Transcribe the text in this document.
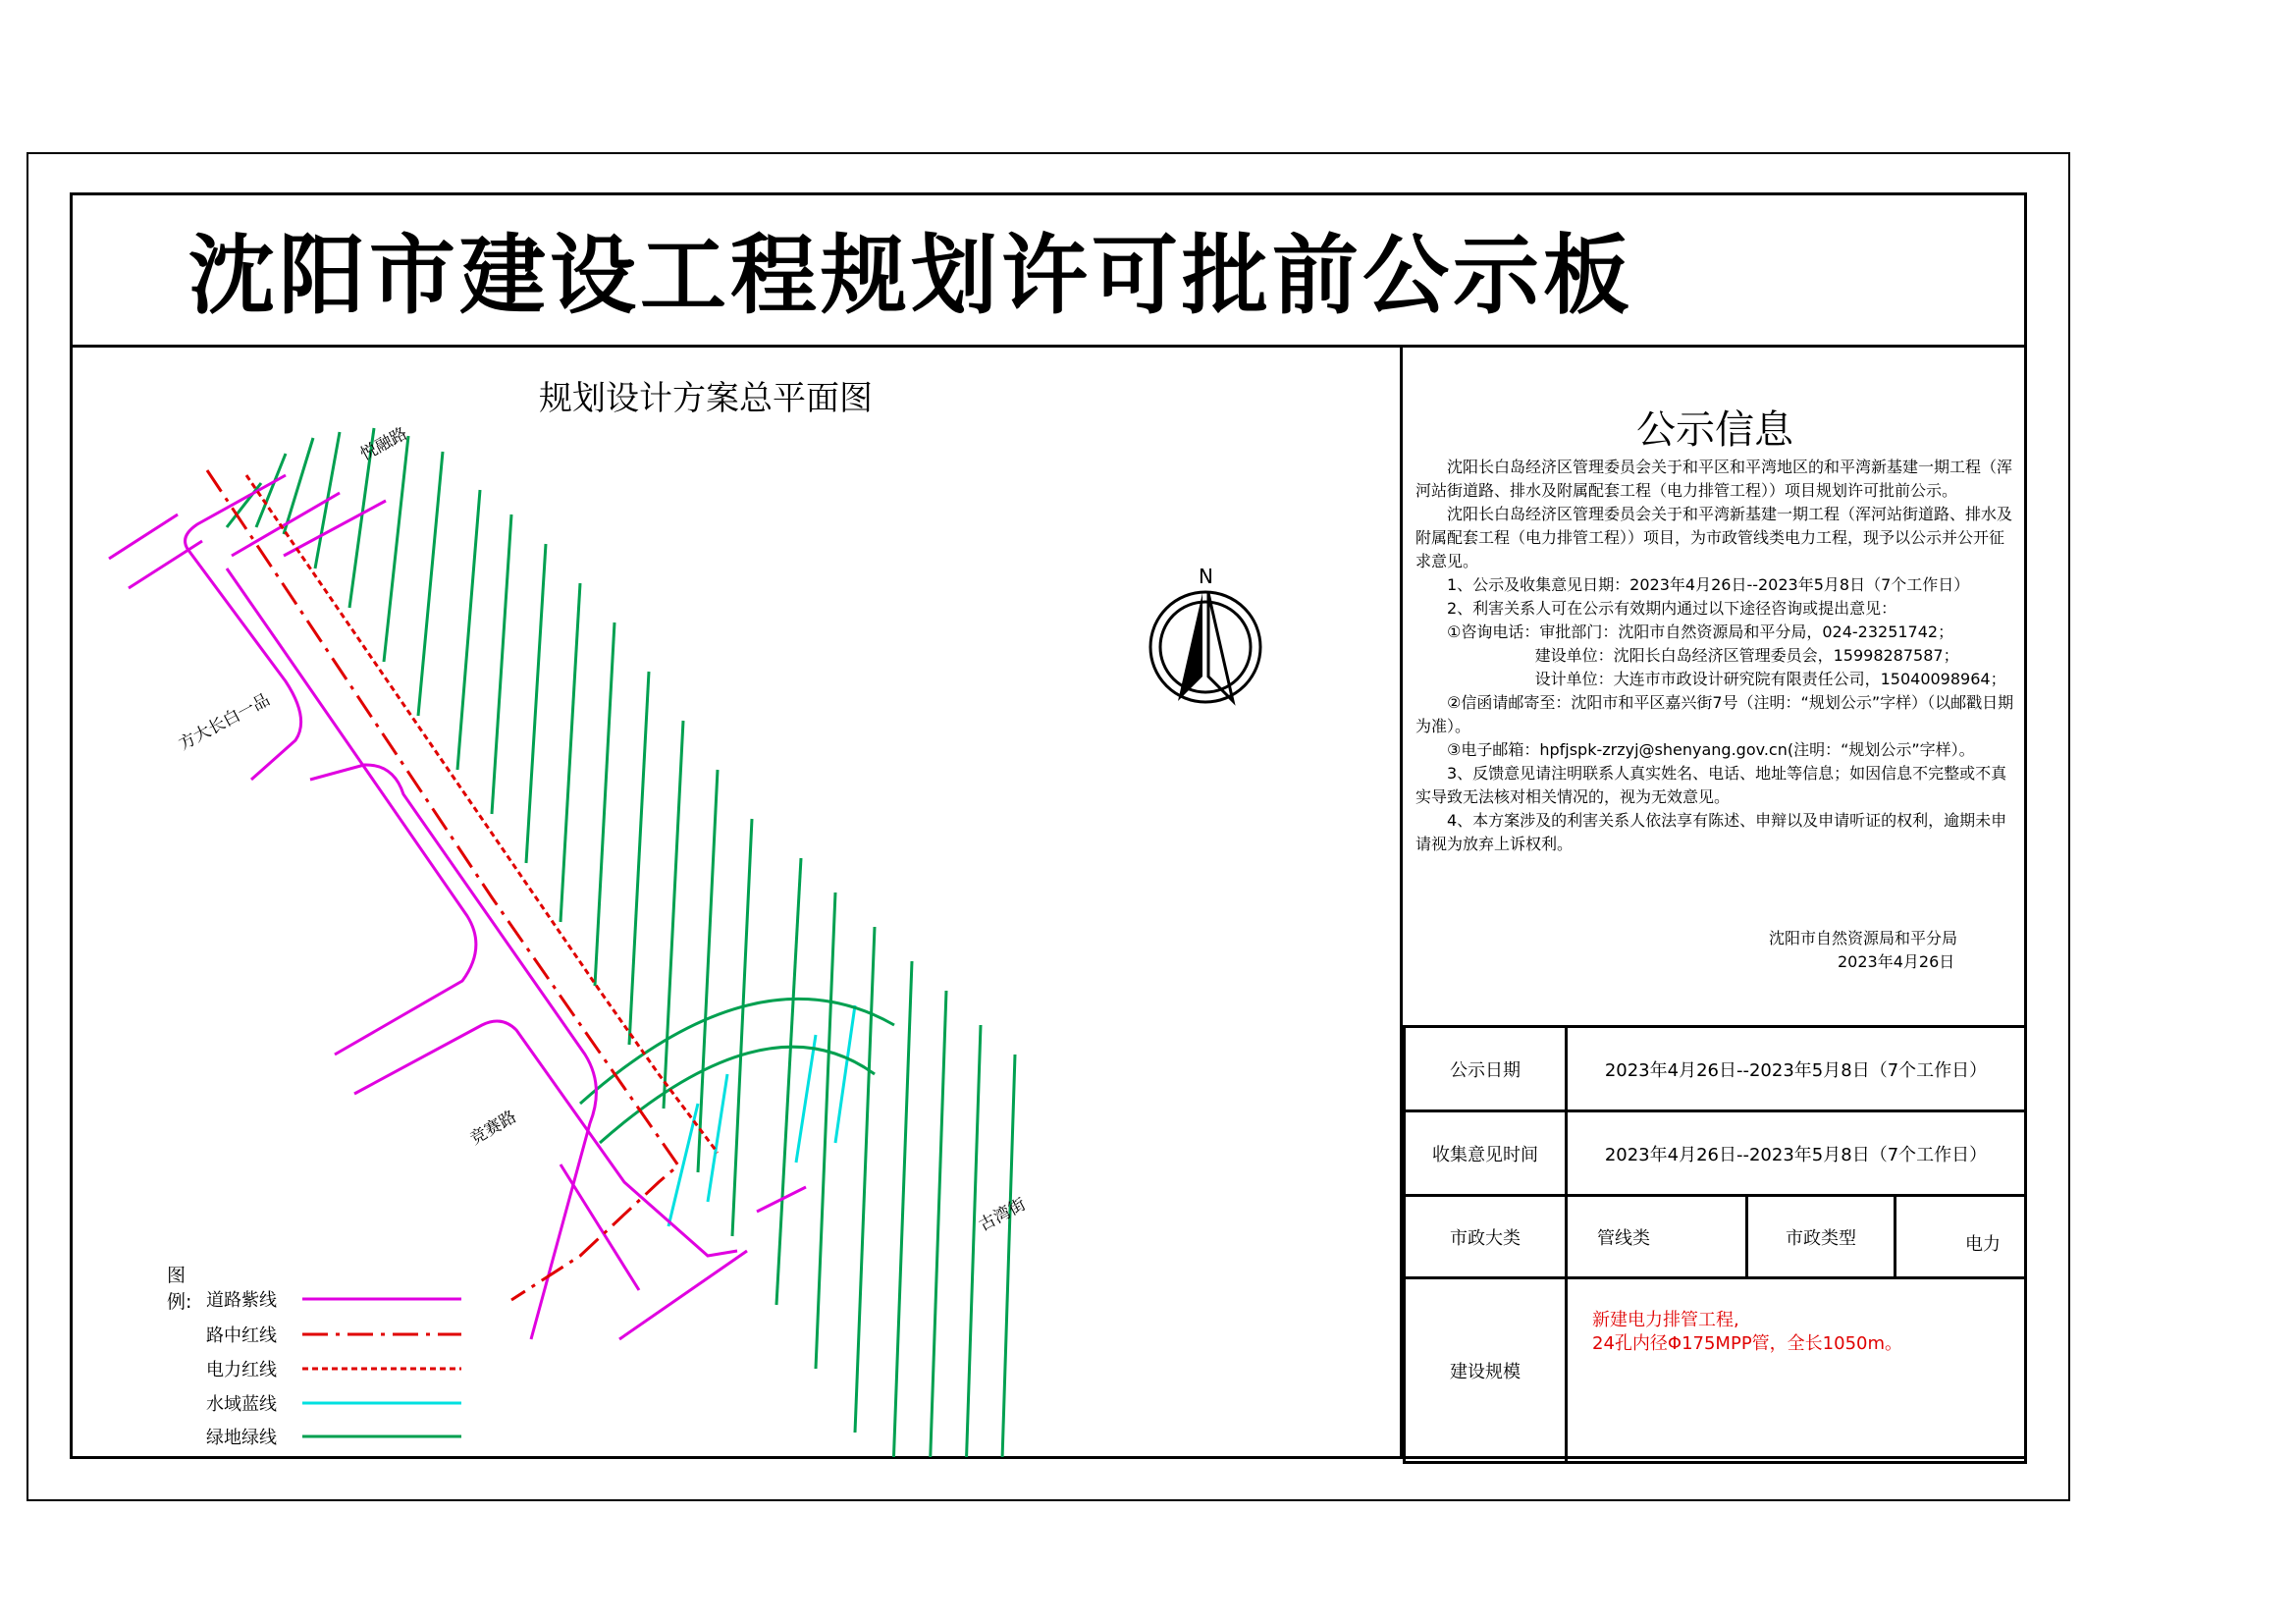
沈阳市建设工程规划许可批前公示板
规划设计方案总平面图
N
悦融路
方大长白一品
竞赛路
古湾街
图例: 道路紫线
路中红线
电力红线
水域蓝线
绿地绿线
公示信息

沈阳长白岛经济区管理委员会关于和平区和平湾地区的和平湾新基建一期工程（浑河站街道路、排水及附属配套工程（电力排管工程））项目规划许可批前公示。

沈阳长白岛经济区管理委员会关于和平湾新基建一期工程（浑河站街道路、排水及附属配套工程（电力排管工程））项目，为市政管线类电力工程，现予以公示并公开征求意见。

1、公示及收集意见日期：2023年4月26日--2023年5月8日（7个工作日）

2、利害关系人可在公示有效期内通过以下途径咨询或提出意见：

①咨询电话：审批部门：沈阳市自然资源局和平分局，024-23251742；

建设单位：沈阳长白岛经济区管理委员会，15998287587；

设计单位：大连市市政设计研究院有限责任公司，15040098964；

②信函请邮寄至：沈阳市和平区嘉兴街7号（注明：“规划公示”字样）（以邮戳日期为准）。

③电子邮箱：hpfjspk-zrzyj@shenyang.gov.cn(注明：“规划公示”字样）。

3、反馈意见请注明联系人真实姓名、电话、地址等信息；如因信息不完整或不真实导致无法核对相关情况的，视为无效意见。

4、本方案涉及的利害关系人依法享有陈述、申辩以及申请听证的权利，逾期未申请视为放弃上诉权利。

沈阳市自然资源局和平分局
2023年4月26日
公示日期	2023年4月26日--2023年5月8日（7个工作日）		
收集意见时间	2023年4月26日--2023年5月8日（7个工作日）		
市政大类	管线类	市政类型	电力
建设规模	新建电力排管工程,
24孔内径Φ175MPP管，全长1050m。		
